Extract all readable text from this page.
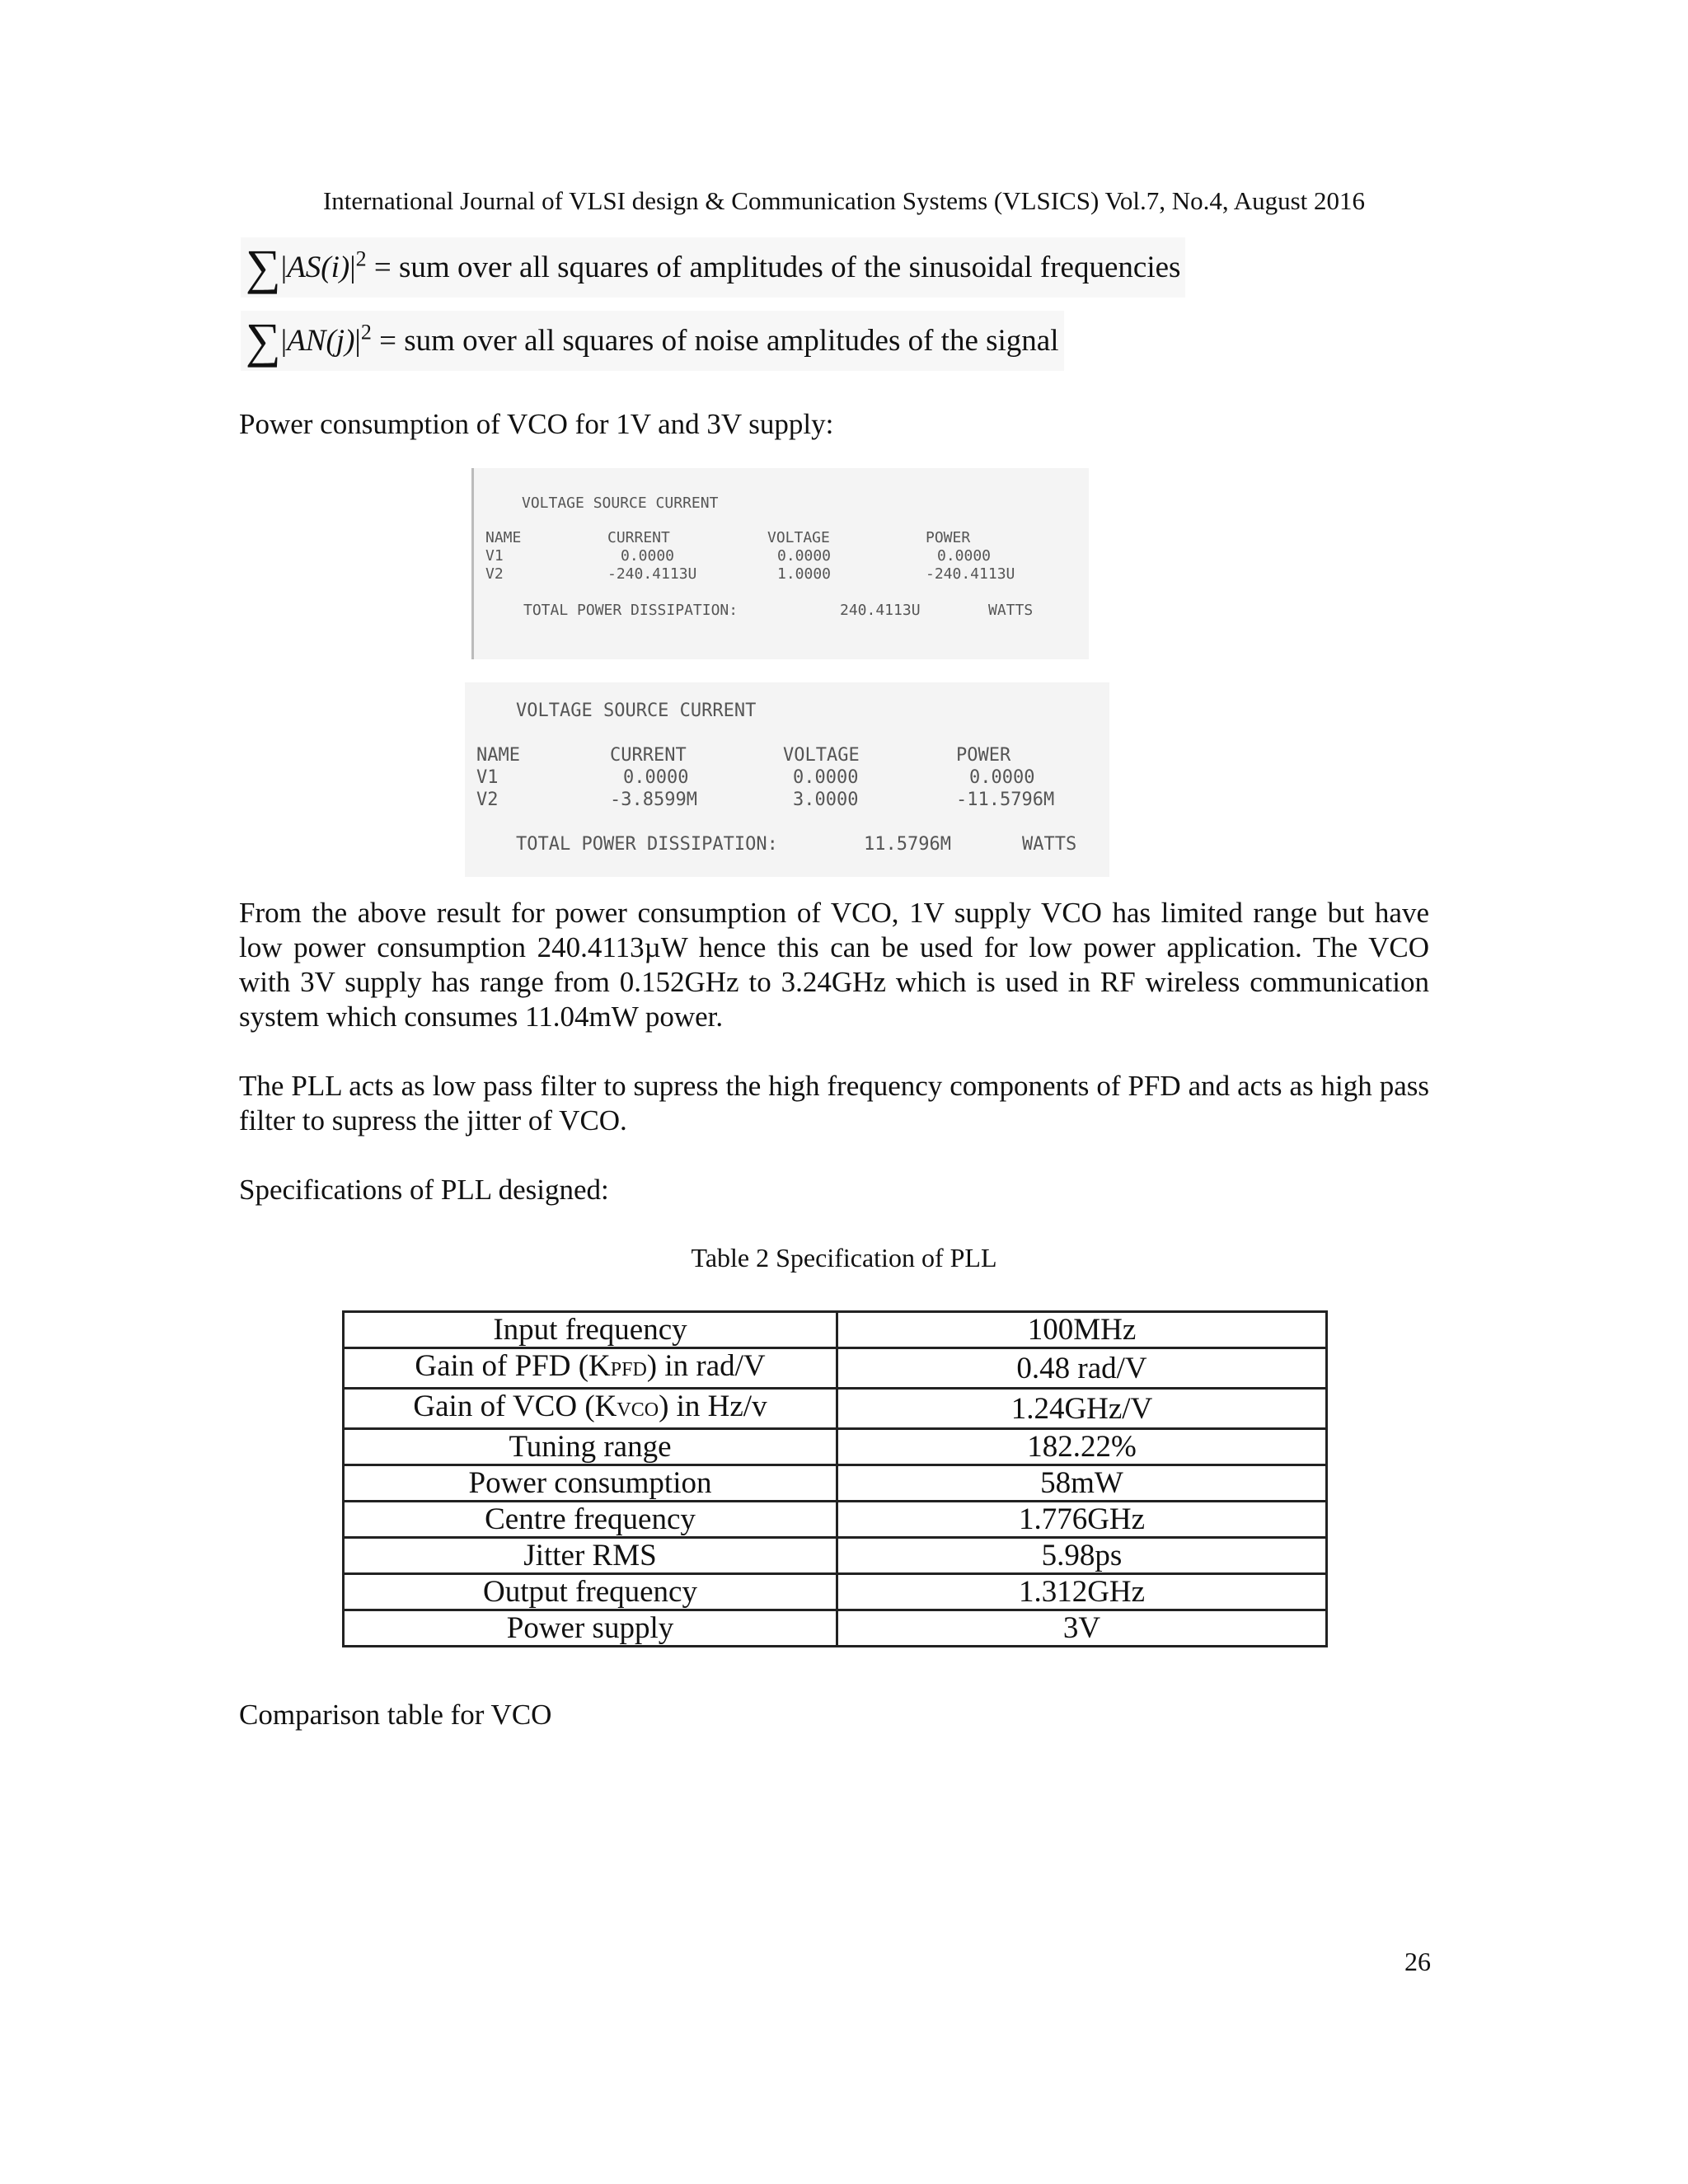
International Journal of VLSI design & Communication Systems (VLSICS) Vol.7, No.4, August 2016
$\sum|AS(i)|^2$ = sum over all squares of amplitudes of the sinusoidal frequencies
$\sum|AN(j)|^2$ = sum over all squares of noise amplitudes of the signal
Power consumption of VCO for 1V and 3V supply:
VOLTAGE SOURCE CURRENT
NAME	CURRENT	VOLTAGE	POWER
V1	0.0000	0.0000	0.0000
V2	-240.4113U	1.0000	-240.4113U
TOTAL POWER DISSIPATION:	240.4113U	WATTS
VOLTAGE SOURCE CURRENT
NAME	CURRENT	VOLTAGE	POWER
V1	0.0000	0.0000	0.0000
V2	-3.8599M	3.0000	-11.5796M
TOTAL POWER DISSIPATION:	11.5796M	WATTS
From the above result for power consumption of VCO, 1V supply VCO has limited range but have low power consumption 240.4113µW hence this can be used for low power application. The VCO with 3V supply has range from 0.152GHz to 3.24GHz which is used in RF wireless communication system which consumes 11.04mW power.
The PLL acts as low pass filter to supress the high frequency components of PFD and acts as high pass filter to supress the jitter of VCO.
Specifications of PLL designed:
Table 2 Specification of PLL
Input frequency	100MHz
Gain of PFD (KPFD) in rad/V	0.48 rad/V
Gain of VCO (KVCO) in Hz/v	1.24GHz/V
Tuning range	182.22%
Power consumption	58mW
Centre frequency	1.776GHz
Jitter RMS	5.98ps
Output frequency	1.312GHz
Power supply	3V
Comparison table for VCO
26
